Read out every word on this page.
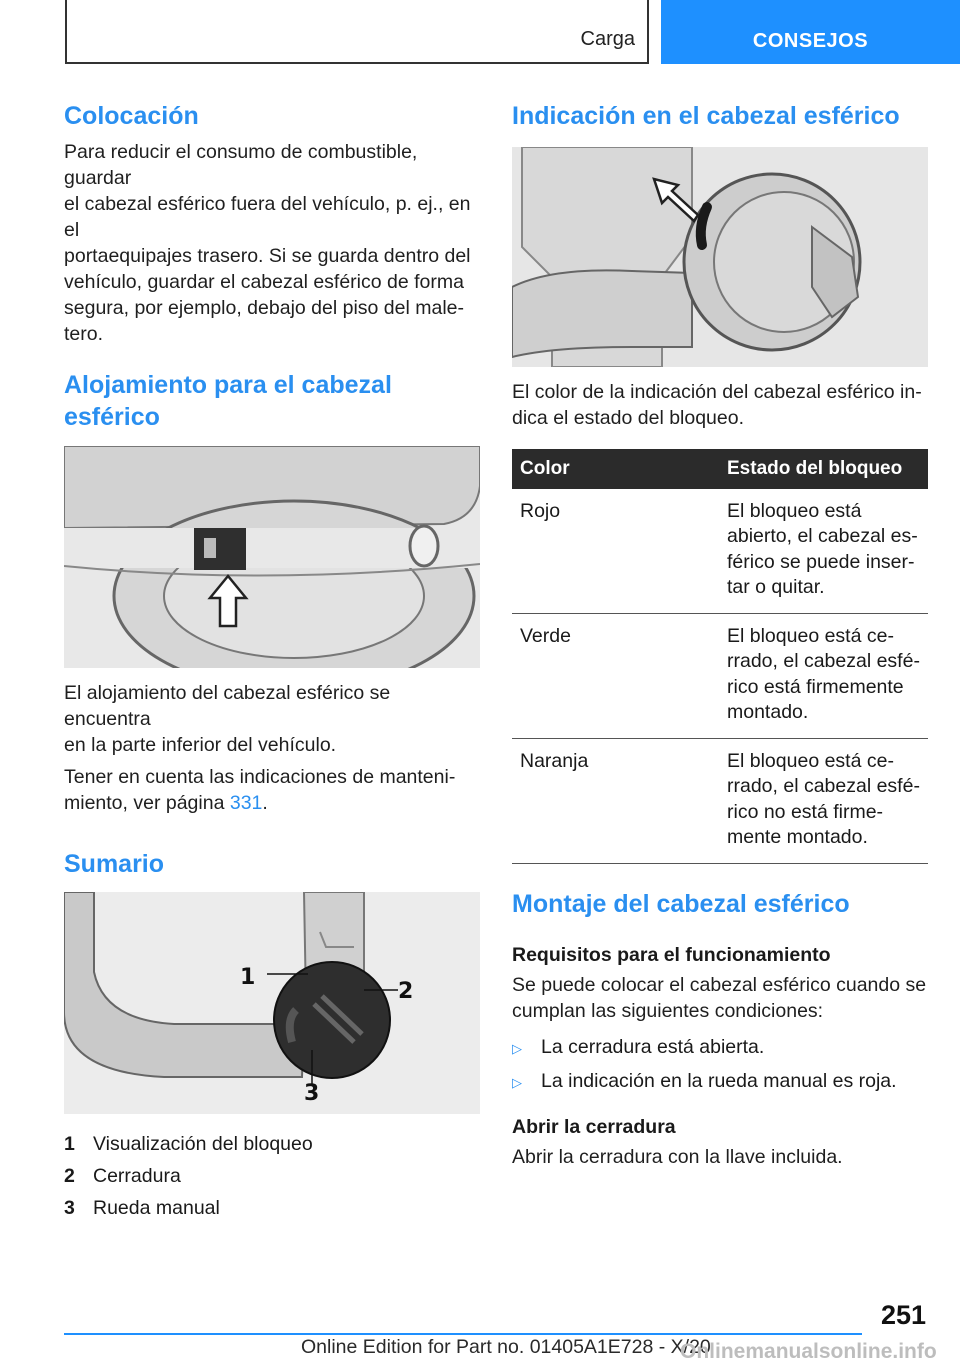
Carga	CONSEJOS
Colocación

Para reducir el consumo de combustible, guardar
el cabezal esférico fuera del vehículo, p. ej., en el
portaequipajes trasero. Si se guarda dentro del
vehículo, guardar el cabezal esférico de forma
segura, por ejemplo, debajo del piso del male-
tero.

Alojamiento para el cabezal esférico

El alojamiento del cabezal esférico se encuentra
en la parte inferior del vehículo.

Tener en cuenta las indicaciones de manteni-
miento, ver página 331.

Sumario
1
2
3
1 Visualización del bloqueo
2 Cerradura
3 Rueda manual
Indicación en el cabezal esférico

El color de la indicación del cabezal esférico in-
dica el estado del bloqueo.

Color	Estado del bloqueo
Rojo	El bloqueo está
abierto, el cabezal es-
férico se puede inser-
tar o quitar.
Verde	El bloqueo está ce-
rrado, el cabezal esfé-
rico está firmemente
montado.
Naranja	El bloqueo está ce-
rrado, el cabezal esfé-
rico no está firme-
mente montado.
Montaje del cabezal esférico
Requisitos para el funcionamiento

Se puede colocar el cabezal esférico cuando se
cumplan las siguientes condiciones:

▷ La cerradura está abierta.
▷ La indicación en la rueda manual es roja.
Abrir la cerradura

Abrir la cerradura con la llave incluida.

251
Online Edition for Part no. 01405A1E728 - X/20
Onlinemanualsonline.info
